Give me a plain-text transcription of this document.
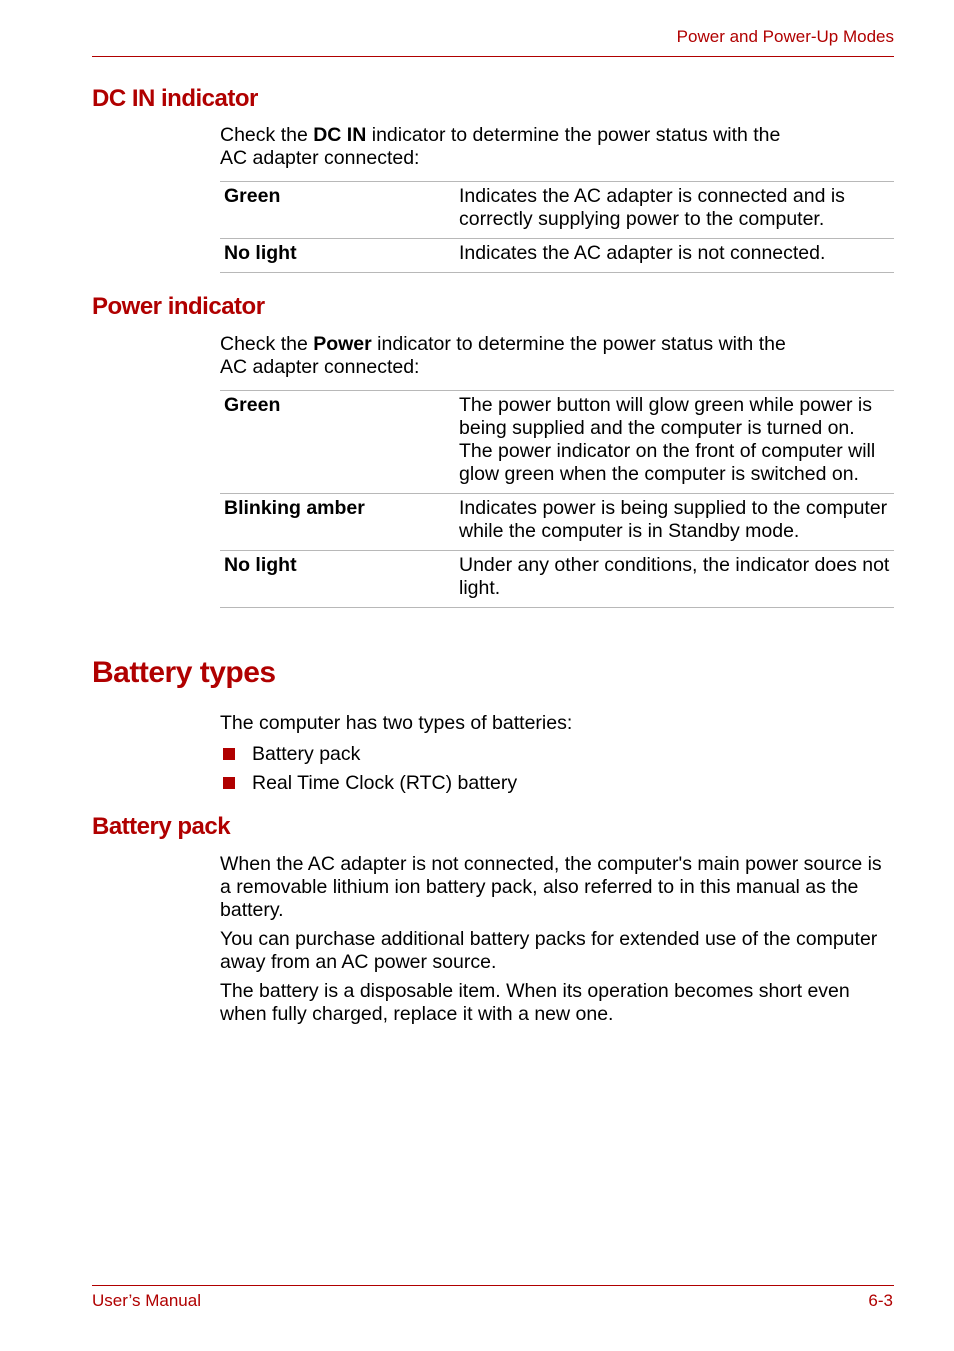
Power and Power-Up Modes
DC IN indicator

Check the DC IN indicator to determine the power status with the
AC adapter connected:

Green	Indicates the AC adapter is connected and is correctly supplying power to the computer.
No light	Indicates the AC adapter is not connected.
Power indicator

Check the Power indicator to determine the power status with the
AC adapter connected:

Green	The power button will glow green while power is being supplied and the computer is turned on. The power indicator on the front of computer will glow green when the computer is switched on.
Blinking amber	Indicates power is being supplied to the computer while the computer is in Standby mode.
No light	Under any other conditions, the indicator does not light.
Battery types

The computer has two types of batteries:

Battery pack
Real Time Clock (RTC) battery
Battery pack

When the AC adapter is not connected, the computer's main power source is a removable lithium ion battery pack, also referred to in this manual as the battery.

You can purchase additional battery packs for extended use of the computer away from an AC power source.

The battery is a disposable item. When its operation becomes short even when fully charged, replace it with a new one.

User’s Manual	6-3
